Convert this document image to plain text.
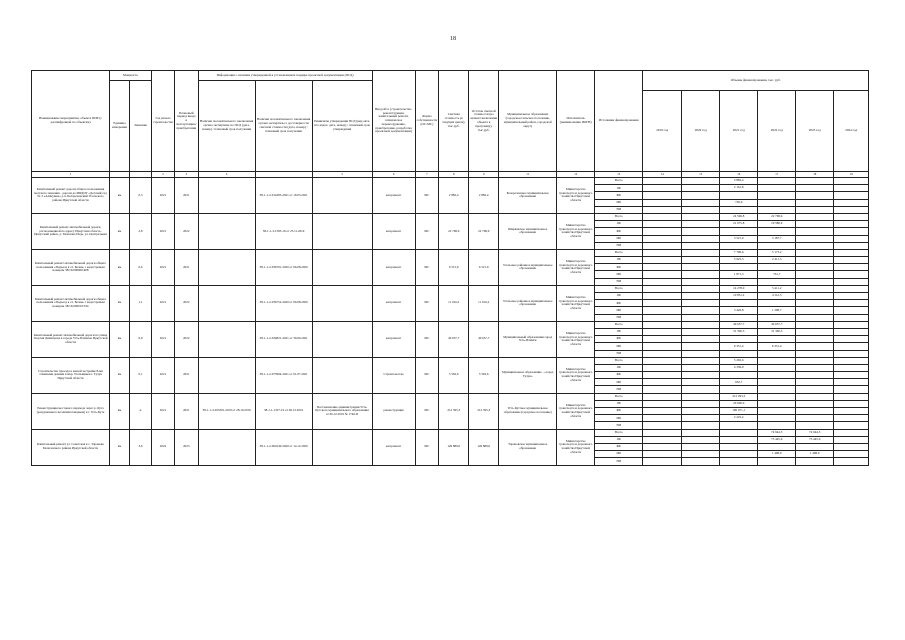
18
Наименование мероприятия, объекта ПИР (с расшифровкой по объектам)	Мощность		Год начала строительства	Плановый период ввода в эксплуатацию/приобретения	Информация о наличии утвержденной в установленном порядке проектной документации (ПСД)			Вид работ (строительство, реконструкция, капитальный ремонт, техническое перевооружение, приобретение, разработка проектной документации)	Форма собственности (ОС/МС)	Сметная стоимость (в текущих ценах), тыс.руб.	Остаток сметной стоимости (на момент включения объекта в программу), тыс.руб.	Муниципальное образование (городское/сельское поселение, муниципальный район, городской округ)	Исполнитель (наименование ИОГВ)	Источники финансирования	Объемы финансирования, тыс. руб.					
	Единица измерения	Значение			Наличие положительного заключения органа экспертизы по ПСД (дата, номер) / плановый срок получения	Наличие положительного заключения органа экспертизы о достоверности сметной стоимости (дата, номер) / плановый срок получения	Реквизиты утверждения ПСД (вид акта, кто издал, дата, номер) / плановый срок утверждения													
															2019 год	2020 год	2021 год	2022 год	2023 год	2024 год
1			2	3	4		5	6	7	8	9	11	12	13	14	15	16	17	18	19
Капитальный ремонт дороги общего пользования местного значения - дороги до МБДОУ «Детский сад № 3 «Алёнушка» р.п. Белореченский Усольского района Иркутской области	км	0,3	2021	2021		38-1-1-2-014283-2021 от 19.03.2021		кап.ремонт	МС	2 882,4	2 882,4	Белореченское муниципальное образование	Министерство транспорта и дорожного хозяйства Иркутской области	Всего			2 882,4			
														ОБ			2 161,8			
														ФБ						
														МБ			720,6			
														НИ						
Капитальный ремонт автомобильной дороги, расположенной по адресу Иркутская область, Иркутский район, д. Тихонова Падь, ул. Центральная	км	2,8	2021	2022		38-1-1-3-1585-19 от 25.11.2019		кап.ремонт	МС	22 768,6	22 768,6	Ширяевское муниципальное образование	Министерство транспорта и дорожного хозяйства Иркутской области	Всего			24 596,8	22 768,6		
														ОБ			21 075,8	19 580,9		
														ФБ						
														МБ			3 521,0	3 187,7		
														НИ						
Капитальный ремонт автомобильной дороги общего пользования «Подъезд к сл. Белая» с кадастровым номером 38:16:000000:468	км	0,6	2021	2021		38-1-1-2-036791-2020 от 06.08.2020		кап.ремонт	МС	6 515,9	6 515,9	Усольское районное муниципальное образование	Министерство транспорта и дорожного хозяйства Иркутской области	Всего			7 796,6	5 173,2		
														ОБ			5 925,3	2 411,5		
														ФБ						
														МБ			1 871,3	761,7		
														НИ						
Капитальный ремонт автомобильной дороги общего пользования «Подъезд к сл. Белая» с кадастровым номером 38:16:000019:534	км	1,1	2021	2022		38-1-1-2-036752-2020 от 06.08.2020		кап.ремонт	МС	11 916,2	11 916,2	Усольское районное муниципальное образование	Министерство транспорта и дорожного хозяйства Иркутской области	Всего			14 278,0	5 411,2		
														ОБ			10 851,2	4 112,5		
														ФБ						
														МБ			3 426,8	1 298,7		
														НИ						
Капитальный ремонт автомобильной дороги по улице Георгия Димитрова в городе Усть-Илимске Иркутской области	км	0,9	2021	2022		38-1-1-2-034821-2021 от 30.06.2021		кап.ремонт	МС	40 657,7	40 657,7	Муниципальный образования город Усть-Илимск	Министерство транспорта и дорожного хозяйства Иркутской области	Всего			40 657,7	40 657,7		
														ОБ			31 306,3	31 306,3		
														ФБ						
														МБ			9 351,4	9 351,4		
														НИ						
Строительство проезда к жилой застройке 8-ми этажными домами в мкр. Угольщиков г. Тулун Иркутской области	км	0,1	2021	2021		38-1-1-2-075994-2021 от 01.07.2021		Строительство	МС	5 592,6	5 592,6	Муниципальное образование - «город Тулун»	Министерство транспорта и дорожного хозяйства Иркутской области	Всего			5 292,6			
														ОБ			4 339,9			
														ФБ						
														МБ			952,7			
														НИ						
Реконструкция мостового перехода через р. Кута (разрушенного весенним паводком) в г. Усть-Куте	км	н	2021	2021	38-1-1-3-023301-2019 от 28.10.2019	38-1-1-1327-19 от 06.12.2019	Постановление администрации Усть-Кутского муниципального образования от 06.12.2019 № 1746-П	реконструкция	МС	212 395,3	212 395,3	Усть-Кутское муниципальное образование (городское поселение)	Министерство транспорта и дорожного хозяйства Иркутской области	Всего			212 293,3			
														ОБ			20 000,0			
														ФБ			190 071,1			
														МБ			2 222,2			
														НИ						
Капитальный ремонт ул. Советская в с. Тараново Балаганского района Иркутской области	км	3,6	2022	2023		38-1-1-2-064540-2020 от 14.12.2020		кап.ремонт	МС	149 889,0	149 889,0	Тарановское муниципальное образование	Министерство транспорта и дорожного хозяйства Иркутской области	Всего				74 944,5	74 944,5	
														ОБ				73 445,6	73 445,6	
														ФБ						
														МБ				1 498,9	1 498,9	
														НИ						
